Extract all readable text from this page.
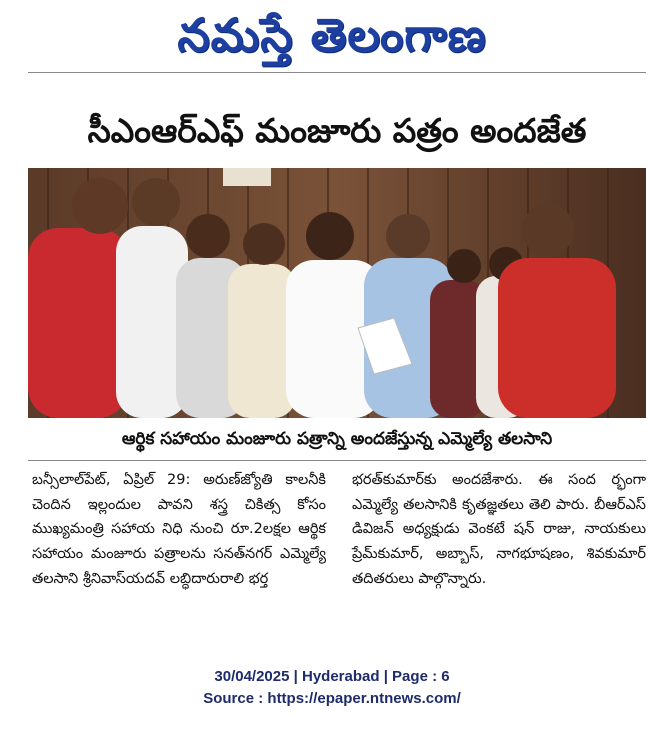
నమస్తే తెలంగాణ
సీఎంఆర్ఎఫ్ మంజూరు పత్రం అందజేత
ఆర్థిక సహాయం మంజూరు పత్రాన్ని అందజేస్తున్న ఎమ్మెల్యే తలసాని
బన్సీలాల్‌పేట్, ఏప్రిల్ 29: అరుణ్‌జ్యోతి కాలనీకి చెందిన ఇల్లందుల పావని శస్త్ర చికిత్స కోసం ముఖ్యమంత్రి సహాయ నిధి నుంచి రూ.2లక్షల ఆర్థిక సహాయం మంజూరు పత్రాలను సనత్‌నగర్ ఎమ్మెల్యే తలసాని శ్రీనివాస్‌యదవ్ లబ్ధిదారురాలి భర్త
భరత్‌కుమార్‌కు అందజేశారు. ఈ సంద ర్భంగా ఎమ్మెల్యే తలసానికి కృతజ్ఞతలు తెలి పారు. బీఆర్ఎస్ డివిజన్ అధ్యక్షుడు వెంకటే షన్ రాజు, నాయకులు ప్రేమ్‌కుమార్, అబ్బాస్, నాగభూషణం, శివకుమార్ తదితరులు పాల్గొన్నారు.
30/04/2025 | Hyderabad | Page : 6
Source : https://epaper.ntnews.com/
